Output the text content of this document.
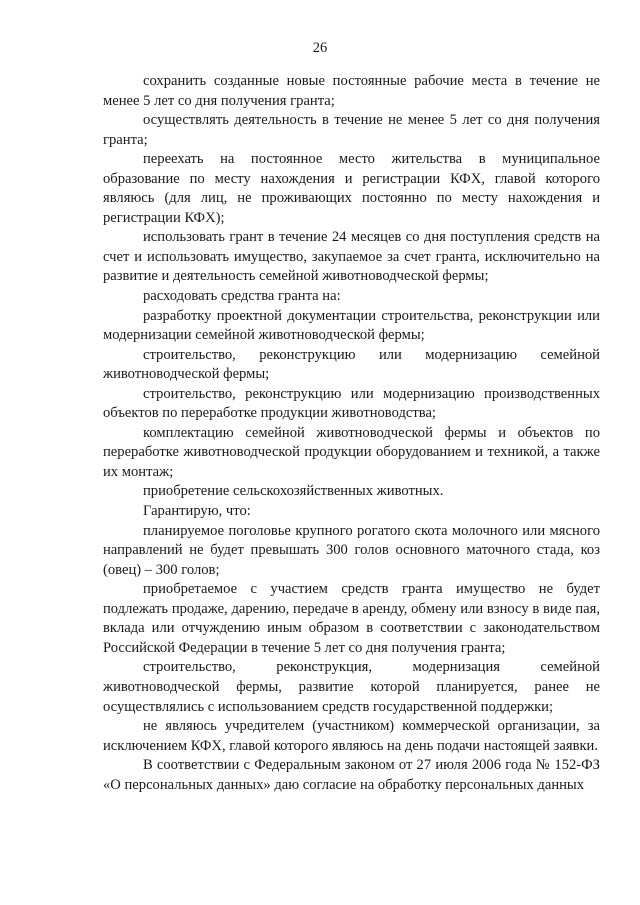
26

сохранить созданные новые постоянные рабочие места в течение не менее 5 лет со дня получения гранта;

осуществлять деятельность в течение не менее 5 лет со дня получения гранта;

переехать на постоянное место жительства в муниципальное образование по месту нахождения и регистрации КФХ, главой которого являюсь (для лиц, не проживающих постоянно по месту нахождения и регистрации КФХ);

использовать грант в течение 24 месяцев со дня поступления средств на счет и использовать имущество, закупаемое за счет гранта, исключительно на развитие и деятельность семейной животноводческой фермы;

расходовать средства гранта на:

разработку проектной документации строительства, реконструкции или модернизации семейной животноводческой фермы;

строительство, реконструкцию или модернизацию семейной животноводческой фермы;

строительство, реконструкцию или модернизацию производственных объектов по переработке продукции животноводства;

комплектацию семейной животноводческой фермы и объектов по переработке животноводческой продукции оборудованием и техникой, а также их монтаж;

приобретение сельскохозяйственных животных.

Гарантирую, что:

планируемое поголовье крупного рогатого скота молочного или мясного направлений не будет превышать 300 голов основного маточного стада, коз (овец) – 300 голов;

приобретаемое с участием средств гранта имущество не будет подлежать продаже, дарению, передаче в аренду, обмену или взносу в виде пая, вклада или отчуждению иным образом в соответствии с законодательством Российской Федерации в течение 5 лет со дня получения гранта;

строительство, реконструкция, модернизация семейной животноводческой фермы, развитие которой планируется, ранее не осуществлялись с использованием средств государственной поддержки;

не являюсь учредителем (участником) коммерческой организации, за исключением КФХ, главой которого являюсь на день подачи настоящей заявки.

В соответствии с Федеральным законом от 27 июля 2006 года № 152-ФЗ «О персональных данных» даю согласие на обработку персональных данных
